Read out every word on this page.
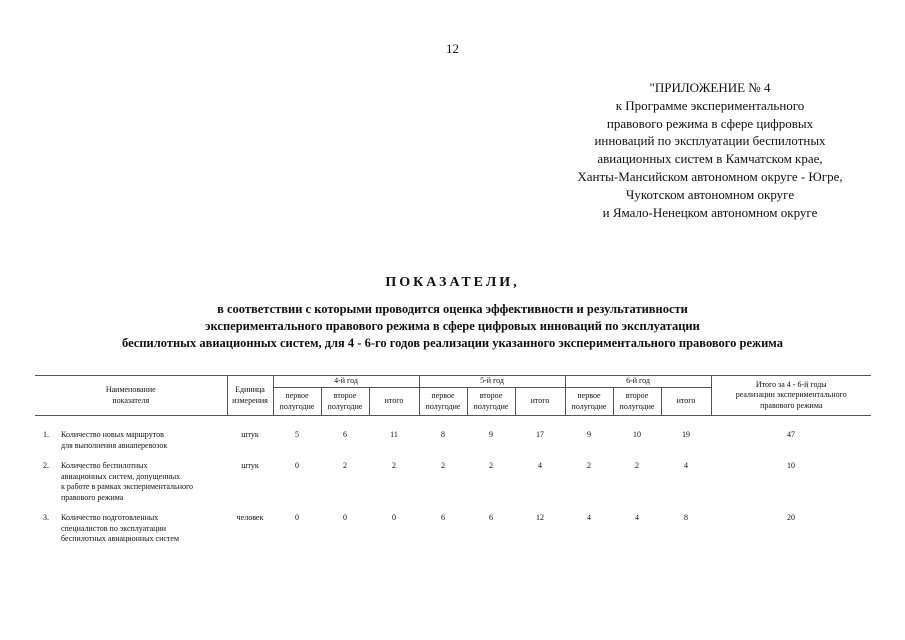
12
"ПРИЛОЖЕНИЕ № 4
к Программе экспериментального
правового режима в сфере цифровых
инноваций по эксплуатации беспилотных
авиационных систем в Камчатском крае,
Ханты-Мансийском автономном округе - Югре,
Чукотском автономном округе
и Ямало-Ненецком автономном округе
ПОКАЗАТЕЛИ,
в соответствии с которыми проводится оценка эффективности и результативности
экспериментального правового режима в сфере цифровых инноваций по эксплуатации
беспилотных авиационных систем, для 4 - 6-го годов реализации указанного экспериментального правового режима
Наименование
показателя		Единица
измерения	4-й год			5-й год			6-й год			Итого за 4 - 6-й годы
реализации экспериментального
правового режима
			первое
полугодие	второе
полугодие	итого	первое
полугодие	второе
полугодие	итого	первое
полугодие	второе
полугодие	итого	

1.	Количество новых маршрутов
для выполнения авиаперевозок	штук	5	6	11	8	9	17	9	10	19	47
2.	Количество беспилотных
авиационных систем, допущенных
к работе в рамках экспериментального
правового режима	штук	0	2	2	2	2	4	2	2	4	10
3.	Количество подготовленных
специалистов по эксплуатации
беспилотных авиационных систем	человек	0	0	0	6	6	12	4	4	8	20
